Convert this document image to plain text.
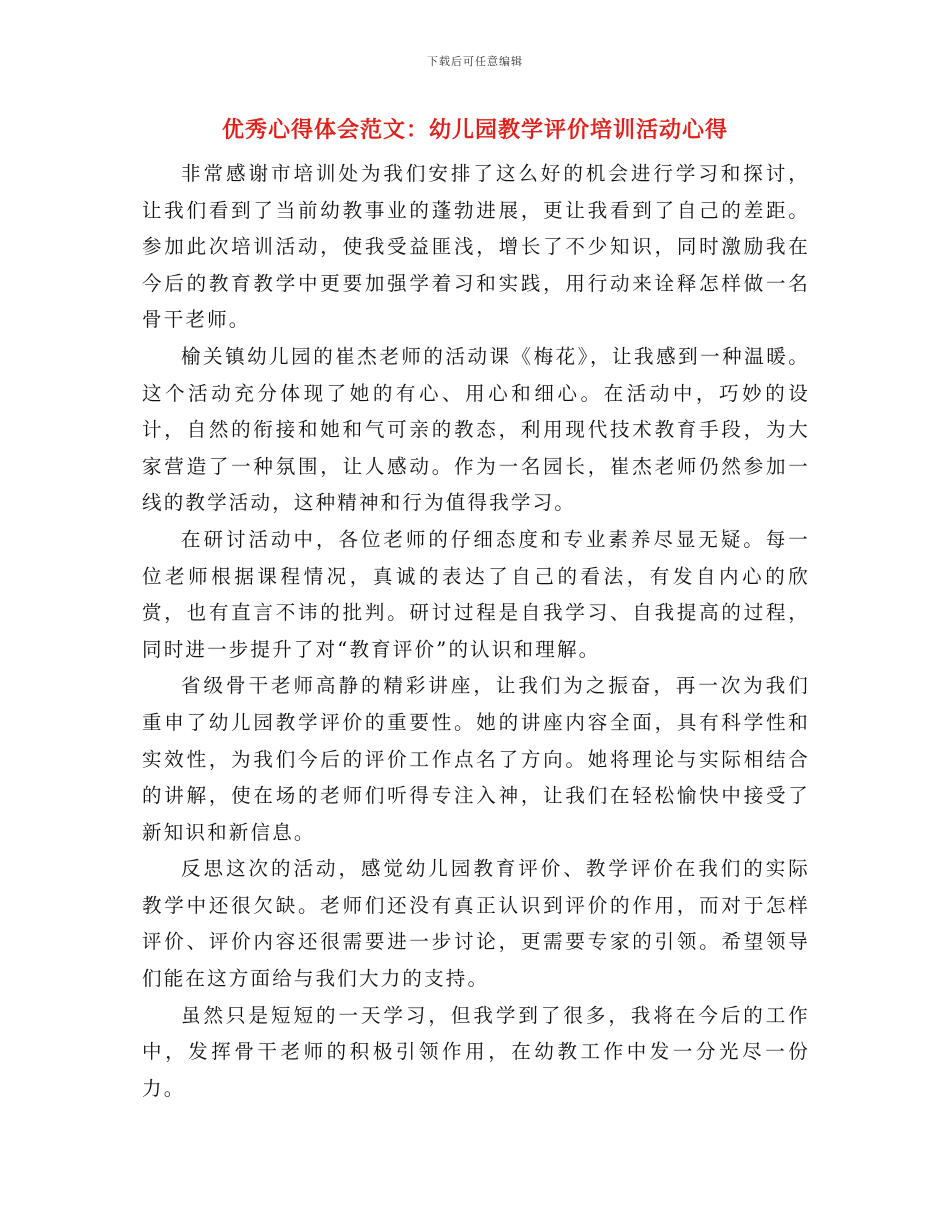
下载后可任意编辑
优秀心得体会范文：幼儿园教学评价培训活动心得

非常感谢市培训处为我们安排了这么好的机会进行学习和探讨，让我们看到了当前幼教事业的蓬勃进展，更让我看到了自己的差距。参加此次培训活动，使我受益匪浅，增长了不少知识，同时激励我在今后的教育教学中更要加强学着习和实践，用行动来诠释怎样做一名骨干老师。

榆关镇幼儿园的崔杰老师的活动课《梅花》，让我感到一种温暖。这个活动充分体现了她的有心、用心和细心。在活动中，巧妙的设计，自然的衔接和她和气可亲的教态，利用现代技术教育手段，为大家营造了一种氛围，让人感动。作为一名园长，崔杰老师仍然参加一线的教学活动，这种精神和行为值得我学习。

在研讨活动中，各位老师的仔细态度和专业素养尽显无疑。每一位老师根据课程情况，真诚的表达了自己的看法，有发自内心的欣赏，也有直言不讳的批判。研讨过程是自我学习、自我提高的过程，同时进一步提升了对“教育评价”的认识和理解。

省级骨干老师高静的精彩讲座，让我们为之振奋，再一次为我们重申了幼儿园教学评价的重要性。她的讲座内容全面，具有科学性和实效性，为我们今后的评价工作点名了方向。她将理论与实际相结合的讲解，使在场的老师们听得专注入神，让我们在轻松愉快中接受了新知识和新信息。

反思这次的活动，感觉幼儿园教育评价、教学评价在我们的实际教学中还很欠缺。老师们还没有真正认识到评价的作用，而对于怎样评价、评价内容还很需要进一步讨论，更需要专家的引领。希望领导们能在这方面给与我们大力的支持。

虽然只是短短的一天学习，但我学到了很多，我将在今后的工作中，发挥骨干老师的积极引领作用，在幼教工作中发一分光尽一份力。
